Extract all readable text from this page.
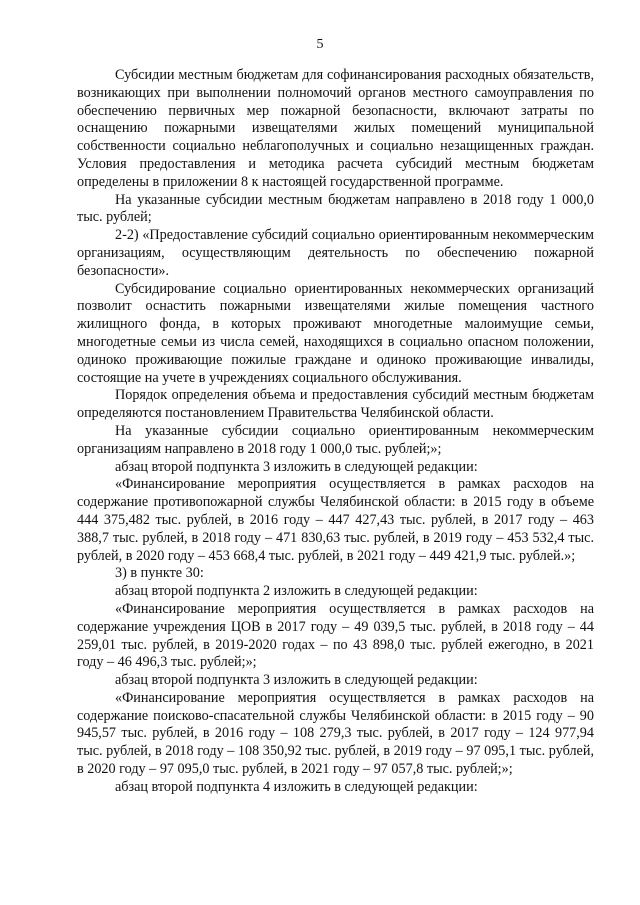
5

Субсидии местным бюджетам для софинансирования расходных обязательств, возникающих при выполнении полномочий органов местного самоуправления по обеспечению первичных мер пожарной безопасности, включают затраты по оснащению пожарными извещателями жилых помещений муниципальной собственности социально неблагополучных и социально незащищенных граждан. Условия предоставления и методика расчета субсидий местным бюджетам определены в приложении 8 к настоящей государственной программе.

На указанные субсидии местным бюджетам направлено в 2018 году 1 000,0 тыс. рублей;

2-2) «Предоставление субсидий социально ориентированным некоммерческим организациям, осуществляющим деятельность по обеспечению пожарной безопасности».

Субсидирование социально ориентированных некоммерческих организаций позволит оснастить пожарными извещателями жилые помещения частного жилищного фонда, в которых проживают многодетные малоимущие семьи, многодетные семьи из числа семей, находящихся в социально опасном положении, одиноко проживающие пожилые граждане и одиноко проживающие инвалиды, состоящие на учете в учреждениях социального обслуживания.

Порядок определения объема и предоставления субсидий местным бюджетам определяются постановлением Правительства Челябинской области.

На указанные субсидии социально ориентированным некоммерческим организациям направлено в 2018 году 1 000,0 тыс. рублей;»;

абзац второй подпункта 3 изложить в следующей редакции:

«Финансирование мероприятия осуществляется в рамках расходов на содержание противопожарной службы Челябинской области: в 2015 году в объеме 444 375,482 тыс. рублей, в 2016 году – 447 427,43 тыс. рублей, в 2017 году – 463 388,7 тыс. рублей, в 2018 году – 471 830,63 тыс. рублей, в 2019 году – 453 532,4 тыс. рублей, в 2020 году – 453 668,4 тыс. рублей, в 2021 году – 449 421,9 тыс. рублей.»;

3) в пункте 30:

абзац второй подпункта 2 изложить в следующей редакции:

«Финансирование мероприятия осуществляется в рамках расходов на содержание учреждения ЦОВ в 2017 году – 49 039,5 тыс. рублей, в 2018 году – 44 259,01 тыс. рублей, в 2019-2020 годах – по 43 898,0 тыс. рублей ежегодно, в 2021 году – 46 496,3 тыс. рублей;»;

абзац второй подпункта 3 изложить в следующей редакции:

«Финансирование мероприятия осуществляется в рамках расходов на содержание поисково-спасательной службы Челябинской области: в 2015 году – 90 945,57 тыс. рублей, в 2016 году – 108 279,3 тыс. рублей, в 2017 году – 124 977,94 тыс. рублей, в 2018 году – 108 350,92 тыс. рублей, в 2019 году – 97 095,1 тыс. рублей, в 2020 году – 97 095,0 тыс. рублей, в 2021 году – 97 057,8 тыс. рублей;»;

абзац второй подпункта 4 изложить в следующей редакции:
